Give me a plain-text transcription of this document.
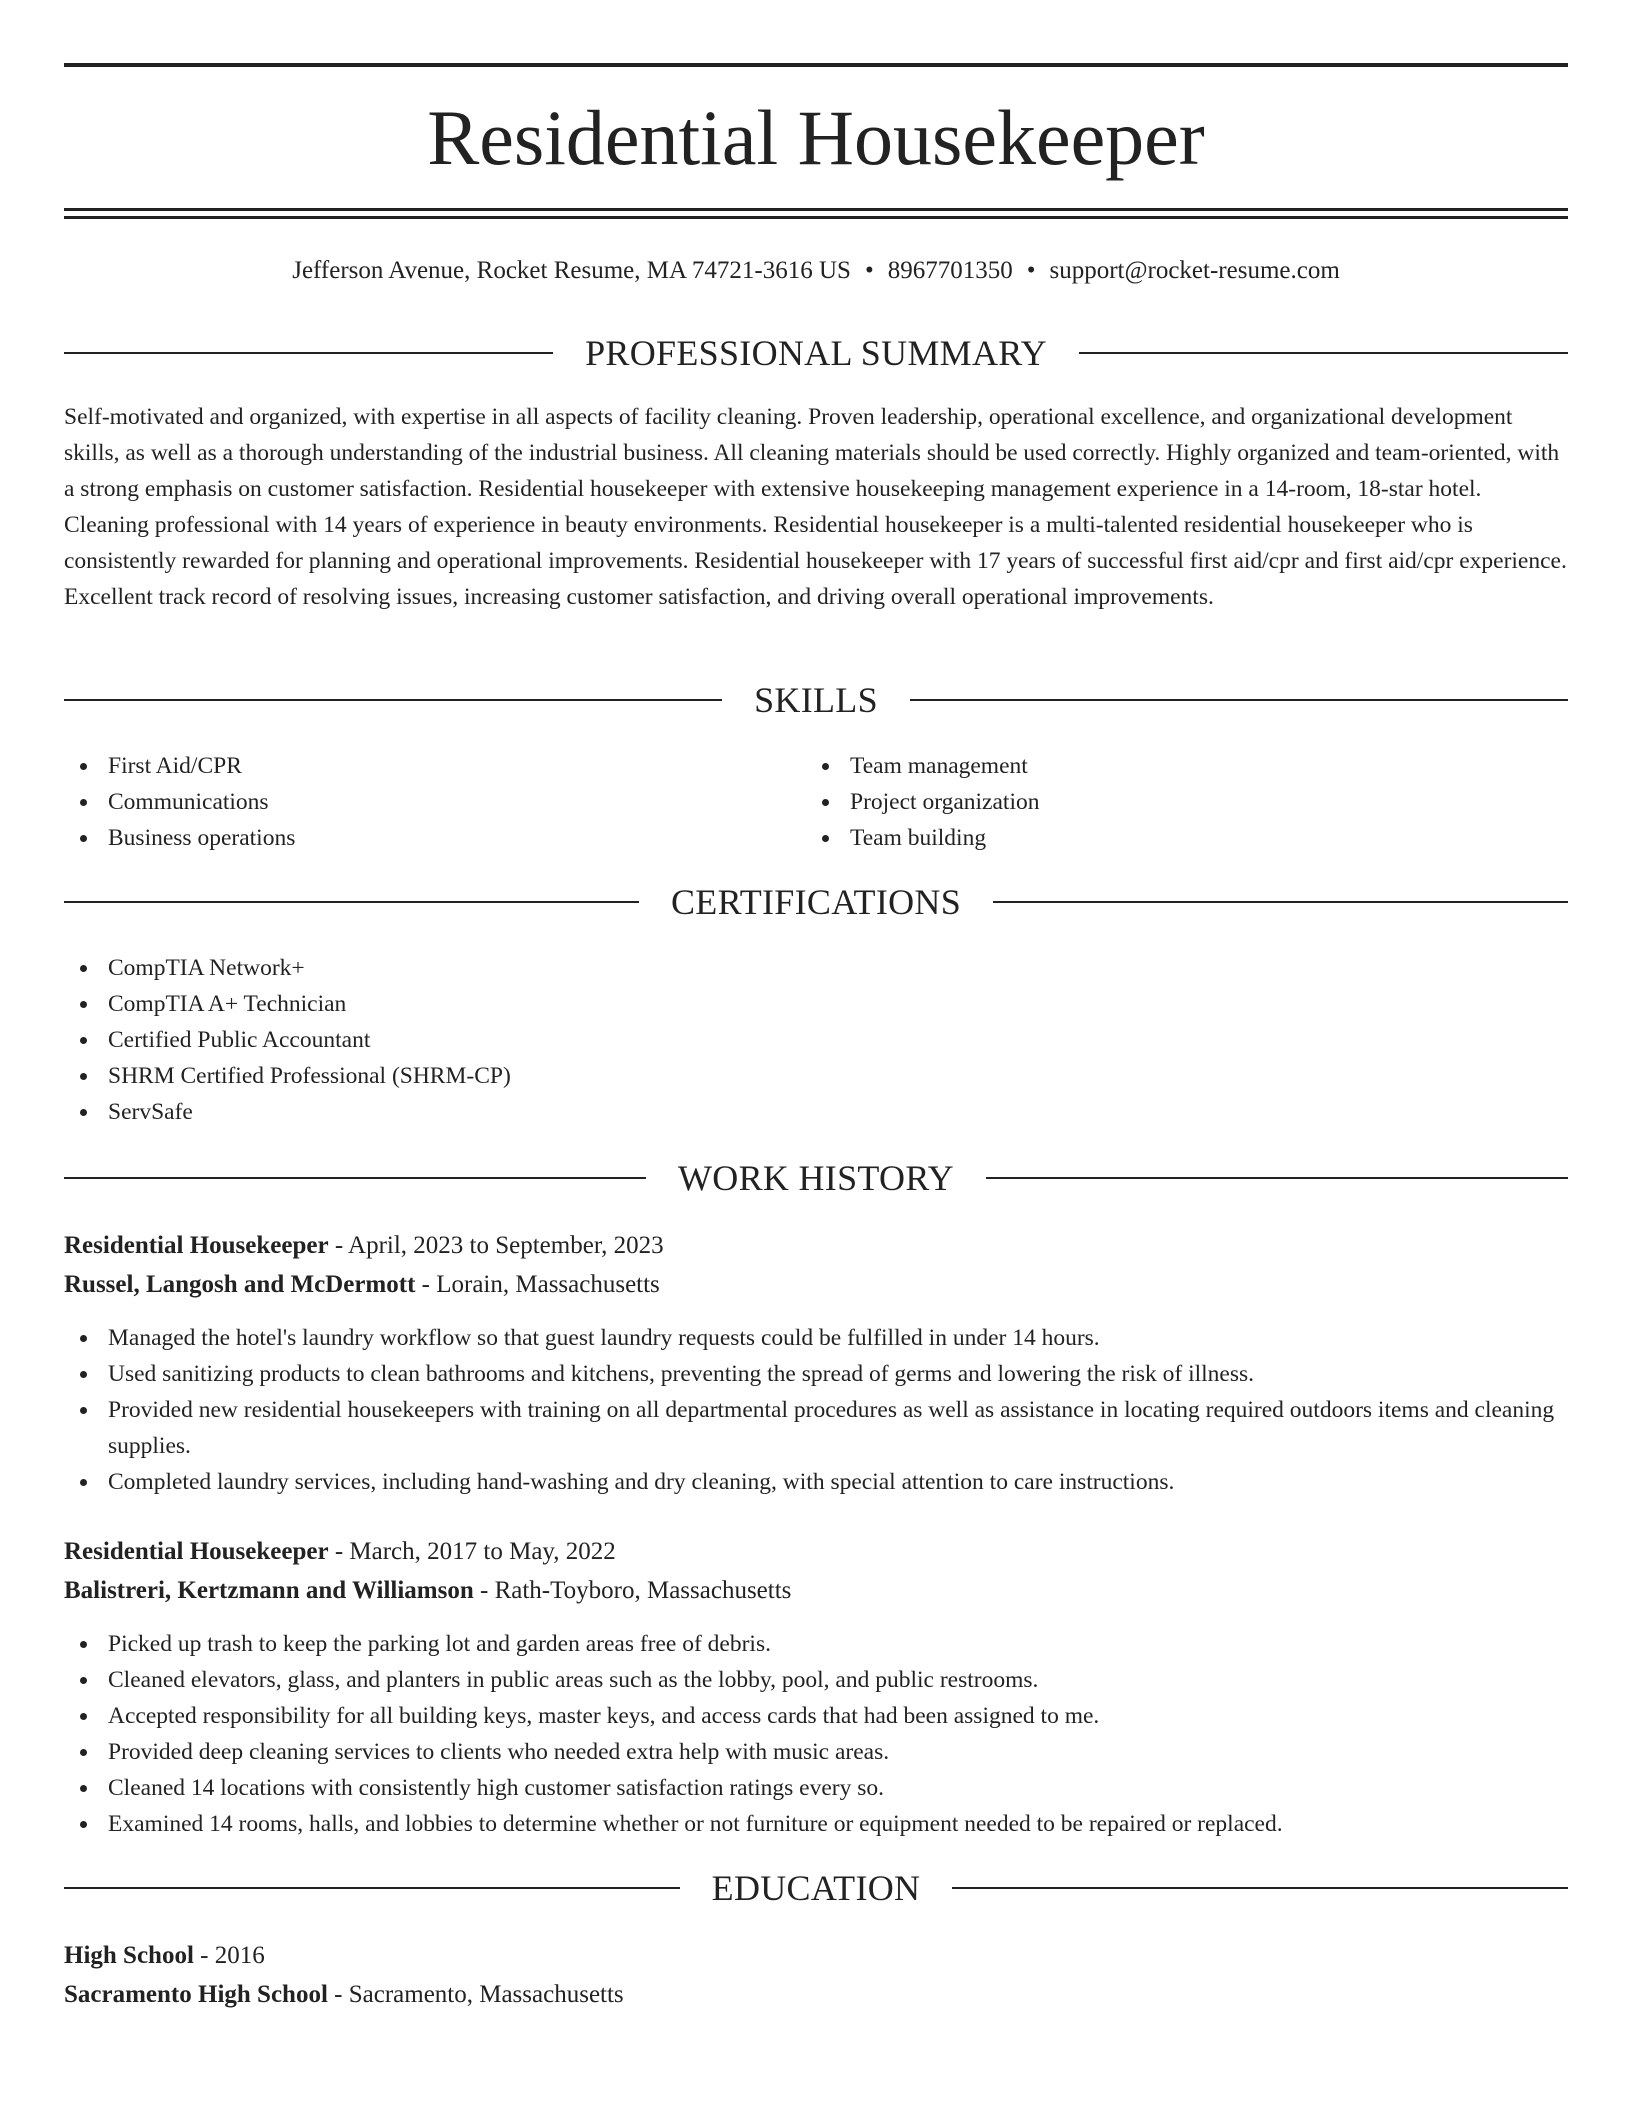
Residential Housekeeper
Jefferson Avenue, Rocket Resume, MA 74721-3616 US • 8967701350 • support@rocket-resume.com
PROFESSIONAL SUMMARY
Self-motivated and organized, with expertise in all aspects of facility cleaning. Proven leadership, operational excellence, and organizational development skills, as well as a thorough understanding of the industrial business. All cleaning materials should be used correctly. Highly organized and team-oriented, with a strong emphasis on customer satisfaction. Residential housekeeper with extensive housekeeping management experience in a 14-room, 18-star hotel. Cleaning professional with 14 years of experience in beauty environments. Residential housekeeper is a multi-talented residential housekeeper who is consistently rewarded for planning and operational improvements. Residential housekeeper with 17 years of successful first aid/cpr and first aid/cpr experience. Excellent track record of resolving issues, increasing customer satisfaction, and driving overall operational improvements.
SKILLS
First Aid/CPR
Communications
Business operations
Team management
Project organization
Team building
CERTIFICATIONS
CompTIA Network+
CompTIA A+ Technician
Certified Public Accountant
SHRM Certified Professional (SHRM-CP)
ServSafe
WORK HISTORY
Residential Housekeeper - April, 2023 to September, 2023
Russel, Langosh and McDermott - Lorain, Massachusetts
Managed the hotel's laundry workflow so that guest laundry requests could be fulfilled in under 14 hours.
Used sanitizing products to clean bathrooms and kitchens, preventing the spread of germs and lowering the risk of illness.
Provided new residential housekeepers with training on all departmental procedures as well as assistance in locating required outdoors items and cleaning supplies.
Completed laundry services, including hand-washing and dry cleaning, with special attention to care instructions.
Residential Housekeeper - March, 2017 to May, 2022
Balistreri, Kertzmann and Williamson - Rath-Toyboro, Massachusetts
Picked up trash to keep the parking lot and garden areas free of debris.
Cleaned elevators, glass, and planters in public areas such as the lobby, pool, and public restrooms.
Accepted responsibility for all building keys, master keys, and access cards that had been assigned to me.
Provided deep cleaning services to clients who needed extra help with music areas.
Cleaned 14 locations with consistently high customer satisfaction ratings every so.
Examined 14 rooms, halls, and lobbies to determine whether or not furniture or equipment needed to be repaired or replaced.
EDUCATION
High School - 2016
Sacramento High School - Sacramento, Massachusetts
